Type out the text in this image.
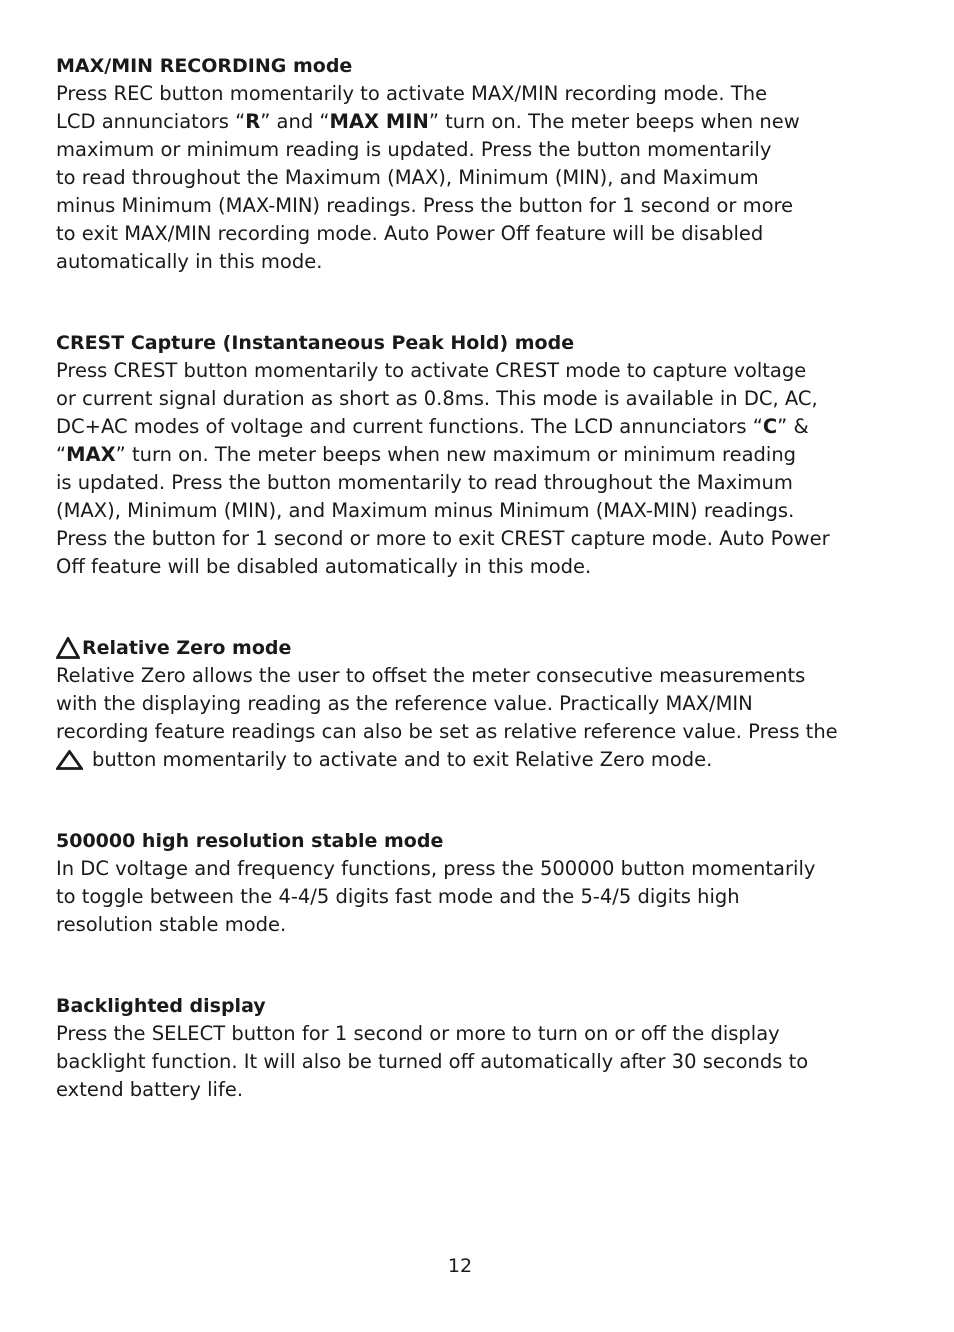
MAX/MIN RECORDING mode

Press REC button momentarily to activate MAX/MIN recording mode. The

LCD annunciators “ R ” and “ MAX MIN ” turn on. The meter beeps when new

maximum or minimum reading is updated. Press the button momentarily

to read throughout the Maximum (MAX), Minimum (MIN), and Maximum

minus Minimum (MAX-MIN) readings. Press the button for 1 second or more

to exit MAX/MIN recording mode. Auto Power Off feature will be disabled

automatically in this mode.

CREST Capture (Instantaneous Peak Hold) mode

Press CREST button momentarily to activate CREST mode to capture voltage

or current signal duration as short as 0.8ms. This mode is available in DC, AC,

DC+AC modes of voltage and current functions. The LCD annunciators “ C ” &

“ MAX ” turn on. The meter beeps when new maximum or minimum reading

is updated. Press the button momentarily to read throughout the Maximum

(MAX), Minimum (MIN), and Maximum minus Minimum (MAX-MIN) readings.

Press the button for 1 second or more to exit CREST capture mode. Auto Power

Off feature will be disabled automatically in this mode.

Relative Zero mode

Relative Zero allows the user to offset the meter consecutive measurements

with the displaying reading as the reference value. Practically MAX/MIN

recording feature readings can also be set as relative reference value. Press the

button momentarily to activate and to exit Relative Zero mode.

500000 high resolution stable mode

In DC voltage and frequency functions, press the 500000 button momentarily

to toggle between the 4-4/5 digits fast mode and the 5-4/5 digits high

resolution stable mode.

Backlighted display

Press the SELECT button for 1 second or more to turn on or off the display

backlight function. It will also be turned off automatically after 30 seconds to

extend battery life.

12
